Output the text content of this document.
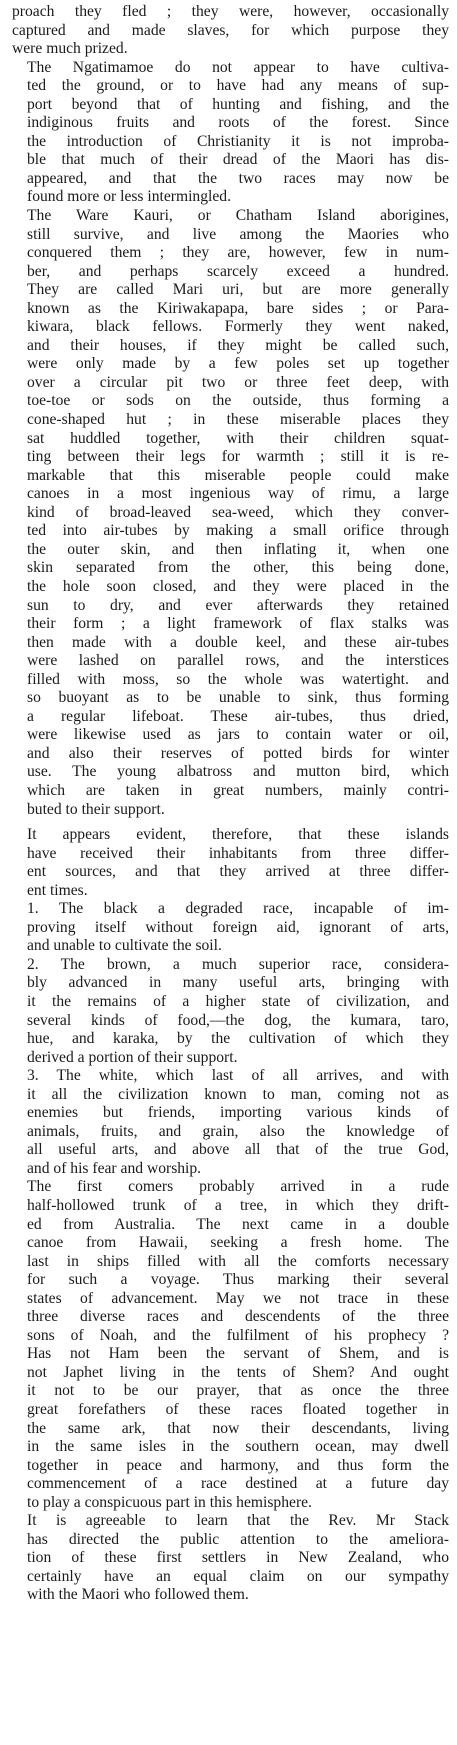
proach they fled ; they were, however, occasionally
captured and made slaves, for which purpose they
were much prized.

The Ngatimamoe do not appear to have cultiva-
ted the ground, or to have had any means of sup-
port beyond that of hunting and fishing, and the
indiginous fruits and roots of the forest. Since
the introduction of Christianity it is not improba-
ble that much of their dread of the Maori has dis-
appeared, and that the two races may now be
found more or less intermingled.

The Ware Kauri, or Chatham Island aborigines,
still survive, and live among the Maories who
conquered them ; they are, however, few in num-
ber, and perhaps scarcely exceed a hundred.
They are called Mari uri, but are more generally
known as the Kiriwakapapa, bare sides ; or Para-
kiwara, black fellows. Formerly they went naked,
and their houses, if they might be called such,
were only made by a few poles set up together
over a circular pit two or three feet deep, with
toe-toe or sods on the outside, thus forming a
cone-shaped hut ; in these miserable places they
sat huddled together, with their children squat-
ting between their legs for warmth ; still it is re-
markable that this miserable people could make
canoes in a most ingenious way of rimu, a large
kind of broad-leaved sea-weed, which they conver-
ted into air-tubes by making a small orifice through
the outer skin, and then inflating it, when one
skin separated from the other, this being done,
the hole soon closed, and they were placed in the
sun to dry, and ever afterwards they retained
their form ; a light framework of flax stalks was
then made with a double keel, and these air-tubes
were lashed on parallel rows, and the interstices
filled with moss, so the whole was watertight. and
so buoyant as to be unable to sink, thus forming
a regular lifeboat. These air-tubes, thus dried,
were likewise used as jars to contain water or oil,
and also their reserves of potted birds for winter
use. The young albatross and mutton bird, which
which are taken in great numbers, mainly contri-
buted to their support.

It appears evident, therefore, that these islands
have received their inhabitants from three differ-
ent sources, and that they arrived at three differ-
ent times.

1. The black a degraded race, incapable of im-
proving itself without foreign aid, ignorant of arts,
and unable to cultivate the soil.

2. The brown, a much superior race, considera-
bly advanced in many useful arts, bringing with
it the remains of a higher state of civilization, and
several kinds of food,—the dog, the kumara, taro,
hue, and karaka, by the cultivation of which they
derived a portion of their support.

3. The white, which last of all arrives, and with
it all the civilization known to man, coming not as
enemies but friends, importing various kinds of
animals, fruits, and grain, also the knowledge of
all useful arts, and above all that of the true God,
and of his fear and worship.

The first comers probably arrived in a rude
half-hollowed trunk of a tree, in which they drift-
ed from Australia. The next came in a double
canoe from Hawaii, seeking a fresh home. The
last in ships filled with all the comforts necessary
for such a voyage. Thus marking their several
states of advancement. May we not trace in these
three diverse races and descendents of the three
sons of Noah, and the fulfilment of his prophecy ?
Has not Ham been the servant of Shem, and is
not Japhet living in the tents of Shem? And ought
it not to be our prayer, that as once the three
great forefathers of these races floated together in
the same ark, that now their descendants, living
in the same isles in the southern ocean, may dwell
together in peace and harmony, and thus form the
commencement of a race destined at a future day
to play a conspicuous part in this hemisphere.

It is agreeable to learn that the Rev. Mr Stack
has directed the public attention to the ameliora-
tion of these first settlers in New Zealand, who
certainly have an equal claim on our sympathy
with the Maori who followed them.
